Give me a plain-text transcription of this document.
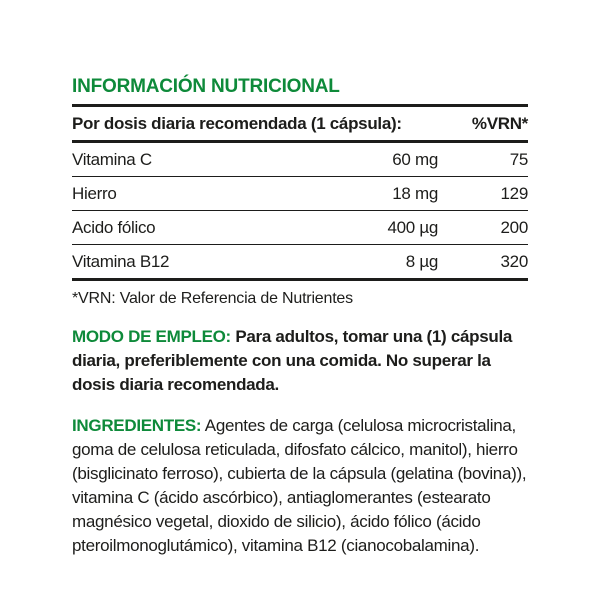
INFORMACIÓN NUTRICIONAL
Por dosis diaria recomendada (1 cápsula):	%VRN*
Vitamina C	60 mg	75
Hierro	18 mg	129
Acido fólico	400 µg	200
Vitamina B12	8 µg	320

*VRN: Valor de Referencia de Nutrientes

MODO DE EMPLEO: Para adultos, tomar una (1) cápsula diaria, preferiblemente con una comida. No superar la dosis diaria recomendada.

INGREDIENTES: Agentes de carga (celulosa microcristalina, goma de celulosa reticulada, difosfato cálcico, manitol), hierro (bisglicinato ferroso), cubierta de la cápsula (gelatina (bovina)), vitamina C (ácido ascórbico), antiaglomerantes (estearato magnésico vegetal, dioxido de silicio), ácido fólico (ácido pteroilmonoglutámico), vitamina B12 (cianocobalamina).
